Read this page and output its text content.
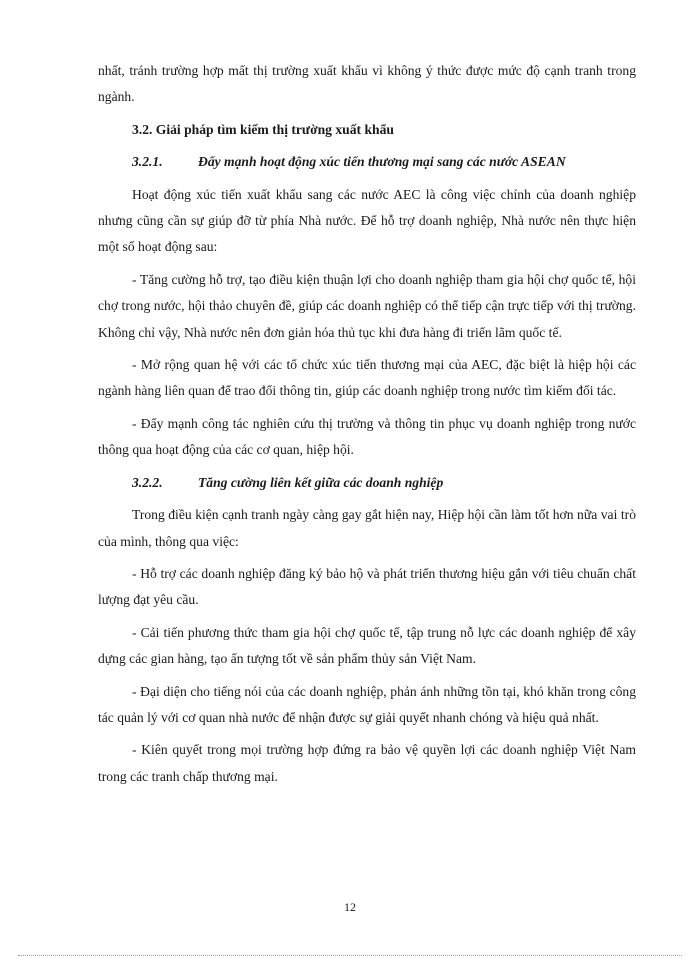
nhất, tránh trường hợp mất thị trường xuất khẩu vì không ý thức được mức độ cạnh tranh trong ngành.

3.2. Giải pháp tìm kiếm thị trường xuất khẩu
3.2.1.	Đẩy mạnh hoạt động xúc tiến thương mại sang các nước ASEAN

Hoạt động xúc tiến xuất khẩu sang các nước AEC là công việc chính của doanh nghiệp nhưng cũng cần sự giúp đỡ từ phía Nhà nước. Để hỗ trợ doanh nghiệp, Nhà nước nên thực hiện một số hoạt động sau:

- Tăng cường hỗ trợ, tạo điều kiện thuận lợi cho doanh nghiệp tham gia hội chợ quốc tế, hội chợ trong nước, hội thảo chuyên đề, giúp các doanh nghiệp có thể tiếp cận trực tiếp với thị trường. Không chỉ vậy, Nhà nước nên đơn giản hóa thủ tục khi đưa hàng đi triển lãm quốc tế.

- Mở rộng quan hệ với các tổ chức xúc tiến thương mại của AEC, đặc biệt là hiệp hội các ngành hàng liên quan để trao đổi thông tin, giúp các doanh nghiệp trong nước tìm kiếm đối tác.

- Đẩy mạnh công tác nghiên cứu thị trường và thông tin phục vụ doanh nghiệp trong nước thông qua hoạt động của các cơ quan, hiệp hội.

3.2.2.	Tăng cường liên kết giữa các doanh nghiệp

Trong điều kiện cạnh tranh ngày càng gay gắt hiện nay, Hiệp hội cần làm tốt hơn nữa vai trò của mình, thông qua việc:

- Hỗ trợ các doanh nghiệp đăng ký bảo hộ và phát triển thương hiệu gắn với tiêu chuẩn chất lượng đạt yêu cầu.

- Cải tiến phương thức tham gia hội chợ quốc tế, tập trung nỗ lực các doanh nghiệp để xây dựng các gian hàng, tạo ấn tượng tốt về sản phẩm thủy sản Việt Nam.

- Đại diện cho tiếng nói của các doanh nghiệp, phản ánh những tồn tại, khó khăn trong công tác quản lý với cơ quan nhà nước để nhận được sự giải quyết nhanh chóng và hiệu quả nhất.

- Kiên quyết trong mọi trường hợp đứng ra bảo vệ quyền lợi các doanh nghiệp Việt Nam trong các tranh chấp thương mại.

12
